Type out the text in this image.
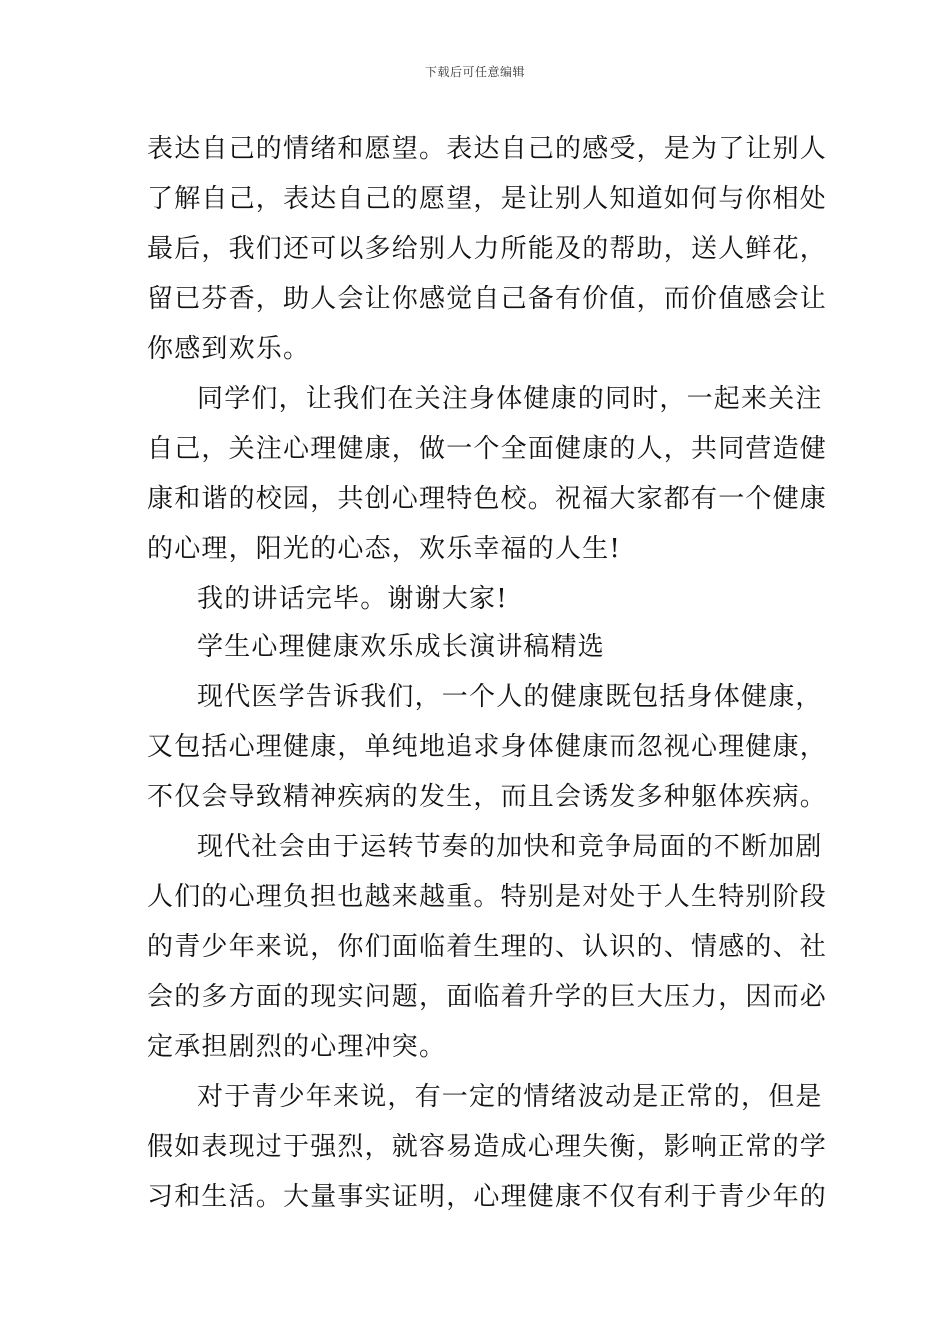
下载后可任意编辑
表达自己的情绪和愿望。表达自己的感受，是为了让别人
了解自己，表达自己的愿望，是让别人知道如何与你相处
最后，我们还可以多给别人力所能及的帮助，送人鲜花，
留已芬香，助人会让你感觉自己备有价值，而价值感会让
你感到欢乐。
同学们，让我们在关注身体健康的同时，一起来关注
自己，关注心理健康，做一个全面健康的人，共同营造健
康和谐的校园，共创心理特色校。祝福大家都有一个健康
的心理，阳光的心态，欢乐幸福的人生!
我的讲话完毕。谢谢大家!
学生心理健康欢乐成长演讲稿精选
现代医学告诉我们，一个人的健康既包括身体健康，
又包括心理健康，单纯地追求身体健康而忽视心理健康，
不仅会导致精神疾病的发生，而且会诱发多种躯体疾病。
现代社会由于运转节奏的加快和竞争局面的不断加剧
人们的心理负担也越来越重。特别是对处于人生特别阶段
的青少年来说，你们面临着生理的、认识的、情感的、社
会的多方面的现实问题，面临着升学的巨大压力，因而必
定承担剧烈的心理冲突。
对于青少年来说，有一定的情绪波动是正常的，但是
假如表现过于强烈，就容易造成心理失衡，影响正常的学
习和生活。大量事实证明，心理健康不仅有利于青少年的
